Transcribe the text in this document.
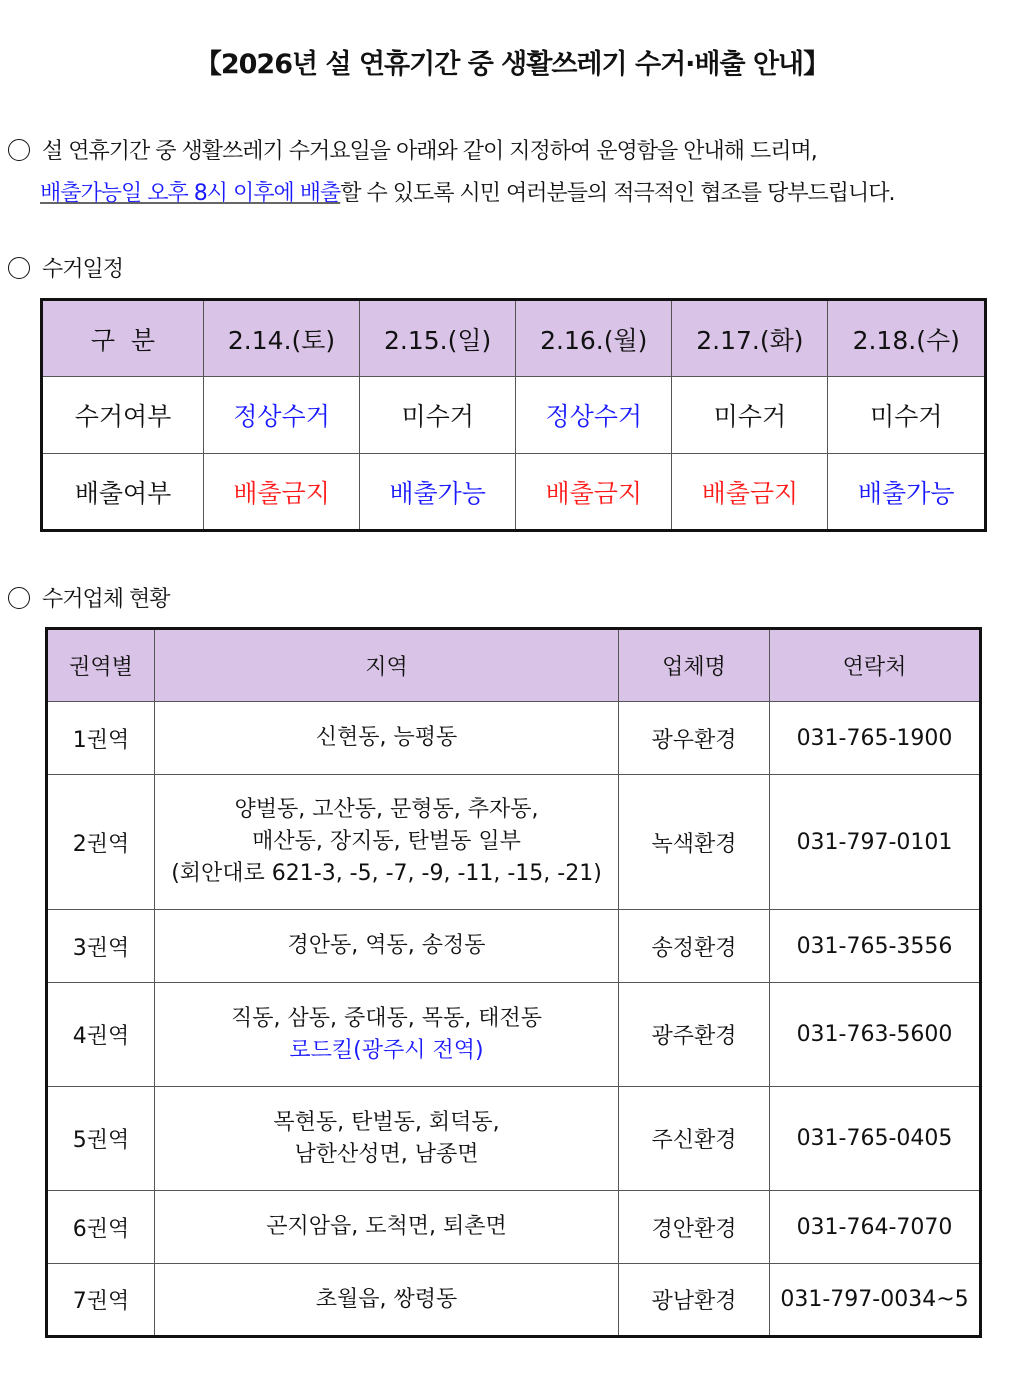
【2026년 설 연휴기간 중 생활쓰레기 수거·배출 안내】
설 연휴기간 중 생활쓰레기 수거요일을 아래와 같이 지정하여 운영함을 안내해 드리며,
배출가능일 오후 8시 이후에 배출할 수 있도록 시민 여러분들의 적극적인 협조를 당부드립니다.
수거일정
구  분	2.14.(토)	2.15.(일)	2.16.(월)	2.17.(화)	2.18.(수)
수거여부	정상수거	미수거	정상수거	미수거	미수거
배출여부	배출금지	배출가능	배출금지	배출금지	배출가능
수거업체 현황
권역별	지역	업체명	연락처
1권역	신현동, 능평동	광우환경	031-765-1900
2권역	양벌동, 고산동, 문형동, 추자동,
매산동, 장지동, 탄벌동 일부
(회안대로 621-3, -5, -7, -9, -11, -15, -21)	녹색환경	031-797-0101
3권역	경안동, 역동, 송정동	송정환경	031-765-3556
4권역	직동, 삼동, 중대동, 목동, 태전동
로드킬(광주시 전역)	광주환경	031-763-5600
5권역	목현동, 탄벌동, 회덕동,
남한산성면, 남종면	주신환경	031-765-0405
6권역	곤지암읍, 도척면, 퇴촌면	경안환경	031-764-7070
7권역	초월읍, 쌍령동	광남환경	031-797-0034~5
